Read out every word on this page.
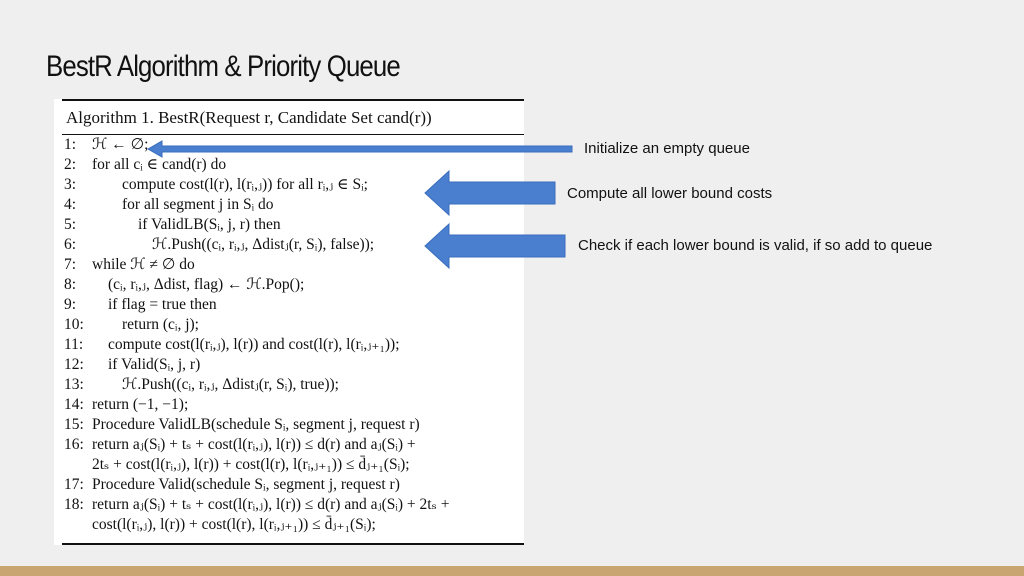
BestR Algorithm & Priority Queue
Algorithm 1. BestR(Request r, Candidate Set cand(r))
1: ℋ ← ∅;
2: for all cᵢ ∈ cand(r) do
3:	compute cost(l(r), l(rᵢ,ⱼ)) for all rᵢ,ⱼ ∈ Sᵢ;
4:	for all segment j in Sᵢ do
5:	if ValidLB(Sᵢ, j, r) then
6:	ℋ.Push((cᵢ, rᵢ,ⱼ, Δdistⱼ(r, Sᵢ), false));
7: while ℋ ≠ ∅ do
8: (cᵢ, rᵢ,ⱼ, Δdist, flag) ← ℋ.Pop();
9: if flag = true then
10: return (cᵢ, j);
11: compute cost(l(rᵢ,ⱼ), l(r)) and cost(l(r), l(rᵢ,ⱼ₊₁));
12: if Valid(Sᵢ, j, r)
13: ℋ.Push((cᵢ, rᵢ,ⱼ, Δdistⱼ(r, Sᵢ), true));
14: return (−1, −1);
15: Procedure ValidLB(schedule Sᵢ, segment j, request r)
16: return aⱼ(Sᵢ) + tₛ + cost(l(rᵢ,ⱼ), l(r)) ≤ d(r) and aⱼ(Sᵢ) +
2tₛ + cost(l(rᵢ,ⱼ), l(r)) + cost(l(r), l(rᵢ,ⱼ₊₁)) ≤ d̄ⱼ₊₁(Sᵢ);
17: Procedure Valid(schedule Sᵢ, segment j, request r)
18: return aⱼ(Sᵢ) + tₛ + cost(l(rᵢ,ⱼ), l(r)) ≤ d(r) and aⱼ(Sᵢ) + 2tₛ +
cost(l(rᵢ,ⱼ), l(r)) + cost(l(r), l(rᵢ,ⱼ₊₁)) ≤ d̄ⱼ₊₁(Sᵢ);
Initialize an empty queue
Compute all lower bound costs
Check if each lower bound is valid, if so add to queue
